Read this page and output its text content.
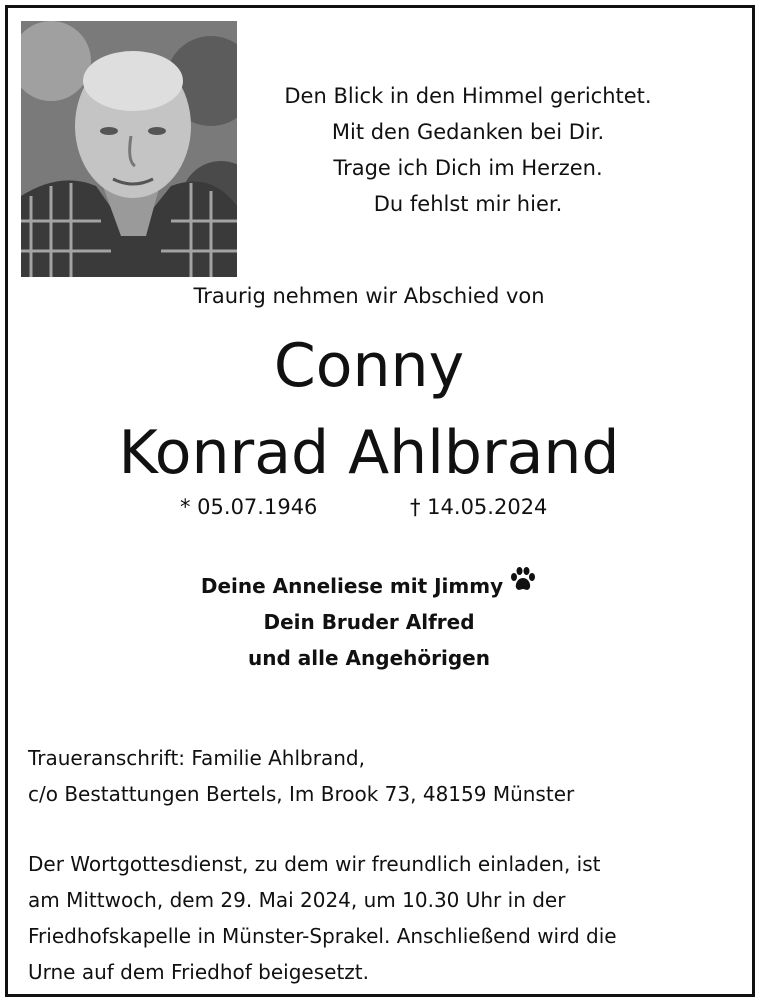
Den Blick in den Himmel gerichtet.
Mit den Gedanken bei Dir.
Trage ich Dich im Herzen.
Du fehlst mir hier.
Traurig nehmen wir Abschied von
Conny
Konrad Ahlbrand
* 05.07.1946	† 14.05.2024
Deine Anneliese mit Jimmy
Dein Bruder Alfred
und alle Angehörigen
Traueranschrift: Familie Ahlbrand,
c/o Bestattungen Bertels, Im Brook 73, 48159 Münster
Der Wortgottesdienst, zu dem wir freundlich einladen, ist
am Mittwoch, dem 29. Mai 2024, um 10.30 Uhr in der
Friedhofskapelle in Münster-Sprakel. Anschließend wird die
Urne auf dem Friedhof beigesetzt.
